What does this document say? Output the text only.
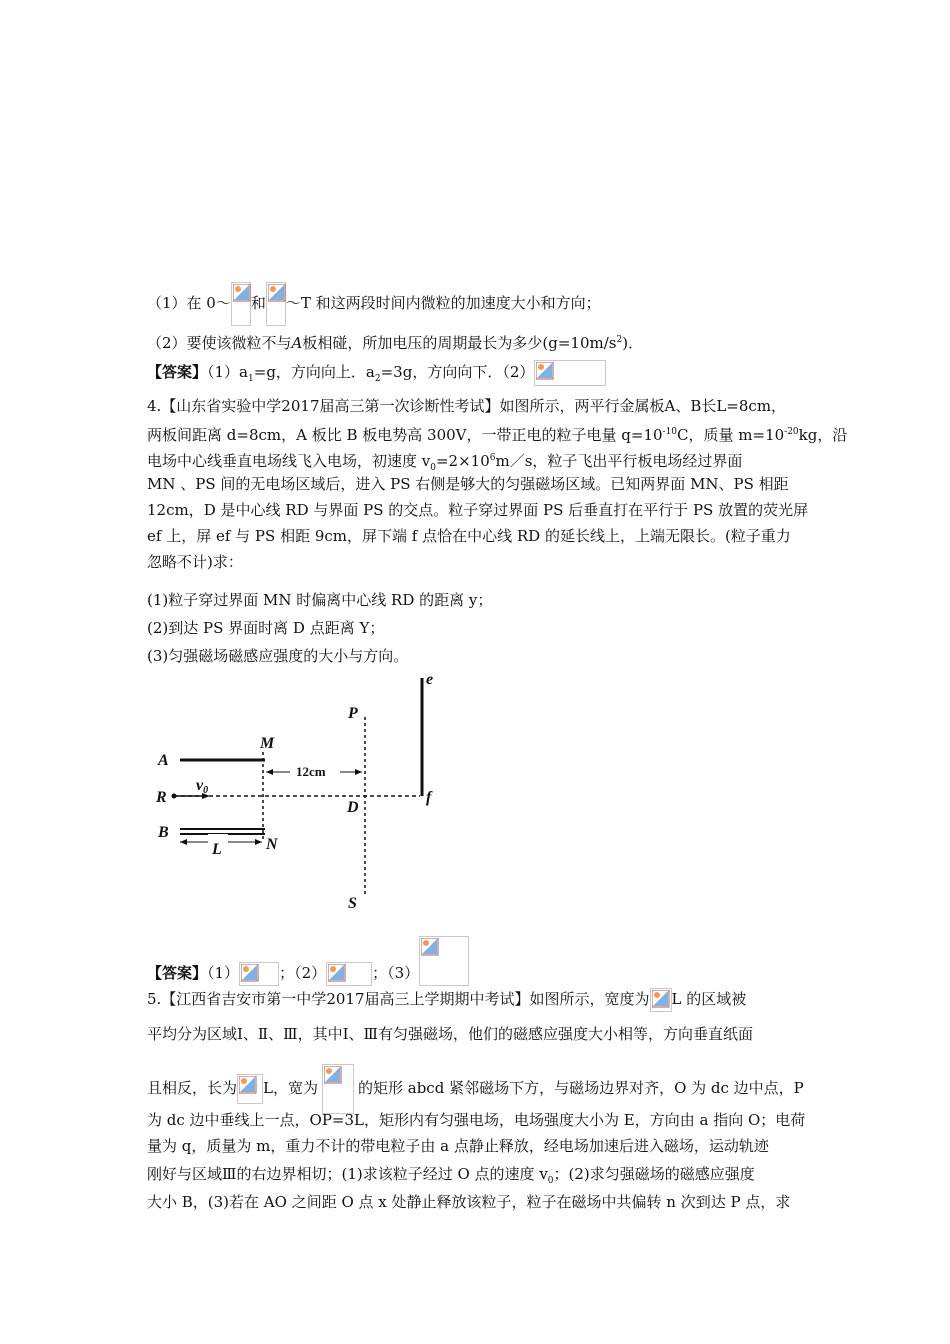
（1）在 0～ 和 ～T 和这两段时间内微粒的加速度大小和方向；
（2）要使该微粒不与A板相碰，所加电压的周期最长为多少$(g=10m/s^2)$．
【答案】$(1)a_1=g$，方向向上．$a_2=3g$，方向向下．（2）
4.【山东省实验中学2017届高三第一次诊断性考试】如图所示，两平行金属板A、B长L=8cm，
两板间距离 d=8cm，A 板比 B 板电势高 300V，一带正电的粒子电量 $q=10^{-10}C$，质量 $m=10^{-20}kg$，沿
电场中心线垂直电场线飞入电场，初速度 $v_0=2\times 10^6m/s$，粒子飞出平行板电场经过界面
MN 、PS 间的无电场区域后，进入 PS 右侧是够大的匀强磁场区域。已知两界面 MN、PS 相距
12cm，D 是中心线 RD 与界面 PS 的交点。粒子穿过界面 PS 后垂直打在平行于 PS 放置的荧光屏
ef 上，屏 ef 与 PS 相距 9cm，屏下端 f 点恰在中心线 RD 的延长线上，上端无限长。(粒子重力
忽略不计)求：
(1)粒子穿过界面 MN 时偏离中心线 RD 的距离 y；
(2)到达 PS 界面时离 D 点距离 Y；
(3)匀强磁场磁感应强度的大小与方向。
A
M
P
e
R
v0
12cm
D
f
B
N
L
S
【答案】（1）	；（2）	；（3）
5.【江西省吉安市第一中学2017届高三上学期期中考试】如图所示，宽度为 L 的区域被
平均分为区域Ⅰ、Ⅱ、Ⅲ，其中Ⅰ、Ⅲ有匀强磁场，他们的磁感应强度大小相等，方向垂直纸面
且相反，长为 L，宽为	的矩形 abcd 紧邻磁场下方，与磁场边界对齐，O 为 dc 边中点，P
为 dc 边中垂线上一点，OP=3L，矩形内有匀强电场，电场强度大小为 E，方向由 a 指向 O；电荷
量为 q，质量为 m，重力不计的带电粒子由 a 点静止释放，经电场加速后进入磁场，运动轨迹
刚好与区域Ⅲ的右边界相切；(1)求该粒子经过 O 点的速度 $v_0$；(2)求匀强磁场的磁感应强度
大小 B，(3)若在 AO 之间距 O 点 x 处静止释放该粒子，粒子在磁场中共偏转 n 次到达 P 点，求
